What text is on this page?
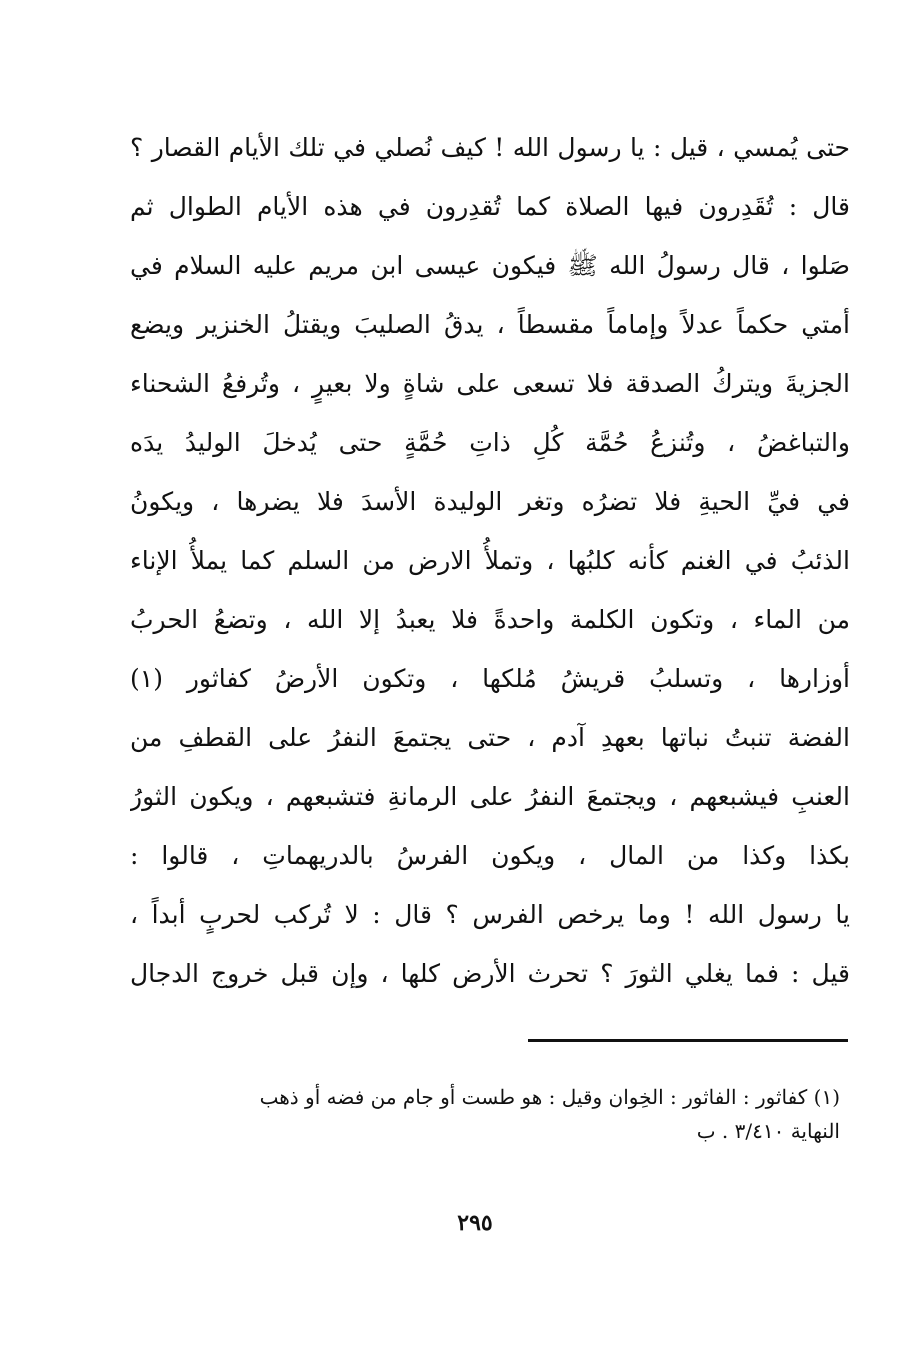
حتى يُمسي ، قيل : يا رسول الله ! كيف نُصلي في تلك الأيام القصار ؟
قال : تُقَدِرون فيها الصلاة كما تُقدِرون في هذه الأيام الطوال ثم
صَلوا ، قال رسولُ الله ﷺ فيكون عيسى ابن مريم عليه السلام في
أمتي حكماً عدلاً وإماماً مقسطاً ، يدقُ الصليبَ ويقتلُ الخنزير ويضع
الجزيةَ ويتركُ الصدقة فلا تسعى على شاةٍ ولا بعيرٍ ، وتُرفعُ الشحناء
والتباغضُ ، وتُنزعُ حُمَّة كُلِ ذاتِ حُمَّةٍ حتى يُدخلَ الوليدُ يدَه
في فيِّ الحيةِ فلا تضرُه وتغر الوليدة الأسدَ فلا يضرها ، ويكونُ
الذئبُ في الغنم كأنه كلبُها ، وتملأُ الارض من السلم كما يملأُ الإناء
من الماء ، وتكون الكلمة واحدةً فلا يعبدُ إلا الله ، وتضعُ الحربُ
أوزارها ، وتسلبُ قريشُ مُلكها ، وتكون الأرضُ كفاثور (١)
الفضة تنبتُ نباتها بعهدِ آدم ، حتى يجتمعَ النفرُ على القطفِ من
العنبِ فيشبعهم ، ويجتمعَ النفرُ على الرمانةِ فتشبعهم ، ويكون الثورُ
بكذا وكذا من المال ، ويكون الفرسُ بالدريهماتِ ، قالوا :
يا رسول الله ! وما يرخص الفرس ؟ قال : لا تُركب لحربٍ أبداً ،
قيل : فما يغلي الثورَ ؟ تحرث الأرض كلها ، وإن قبل خروج الدجال
(١) كفاثور : الفاثور : الخِوان وقيل : هو طست أو جام من فضه أو ذهب
النهاية ٣/٤١٠ . ب
٢٩٥
